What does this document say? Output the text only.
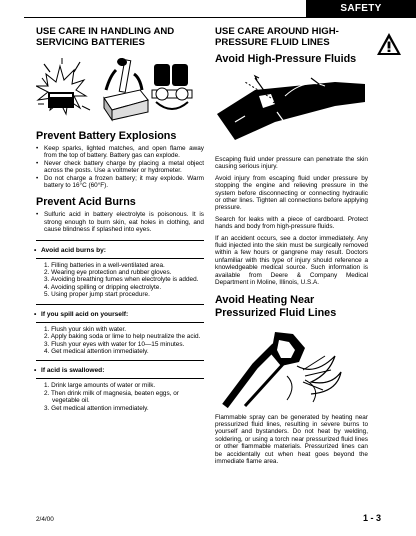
SAFETY
USE CARE IN HANDLING AND SERVICING BATTERIES
Prevent Battery Explosions
• Keep sparks, lighted matches, and open flame away from the top of battery. Battery gas can explode.
• Never check battery charge by placing a metal object across the posts. Use a voltmeter or hydrometer.
• Do not charge a frozen battery; it may explode. Warm battery to 16°C (60°F).
Prevent Acid Burns
• Sulfuric acid in battery electrolyte is poisonous. It is strong enough to burn skin, eat holes in clothing, and cause blindness if splashed into eyes.
• Avoid acid burns by:
1. Filling batteries in a well-ventilated area.
2. Wearing eye protection and rubber gloves.
3. Avoiding breathing fumes when electrolyte is added.
4. Avoiding spilling or dripping electrolyte.
5. Using proper jump start procedure.
• If you spill acid on yourself:
1. Flush your skin with water.
2. Apply baking soda or lime to help neutralize the acid.
3. Flush your eyes with water for 10—15 minutes.
4. Get medical attention immediately.
• If acid is swallowed:
1. Drink large amounts of water or milk.
2. Then drink milk of magnesia, beaten eggs, or vegetable oil.
3. Get medical attention immediately.
USE CARE AROUND HIGH-PRESSURE FLUID LINES
Avoid High-Pressure Fluids

Escaping fluid under pressure can penetrate the skin causing serious injury.

Avoid injury from escaping fluid under pressure by stopping the engine and relieving pressure in the system before disconnecting or connecting hydraulic or other lines. Tighten all connections before applying pressure.

Search for leaks with a piece of cardboard. Protect hands and body from high-pressure fluids.

If an accident occurs, see a doctor immediately. Any fluid injected into the skin must be surgically removed within a few hours or gangrene may result. Doctors unfamiliar with this type of injury should reference a knowledgeable medical source. Such information is available from Deere & Company Medical Department in Moline, Illinois, U.S.A.

Avoid Heating Near Pressurized Fluid Lines

Flammable spray can be generated by heating near pressurized fluid lines, resulting in severe burns to yourself and bystanders. Do not heat by welding, soldering, or using a torch near pressurized fluid lines or other flammable materials. Pressurized lines can be accidentally cut when heat goes beyond the immediate flame area.

2/4/00	1 - 3
